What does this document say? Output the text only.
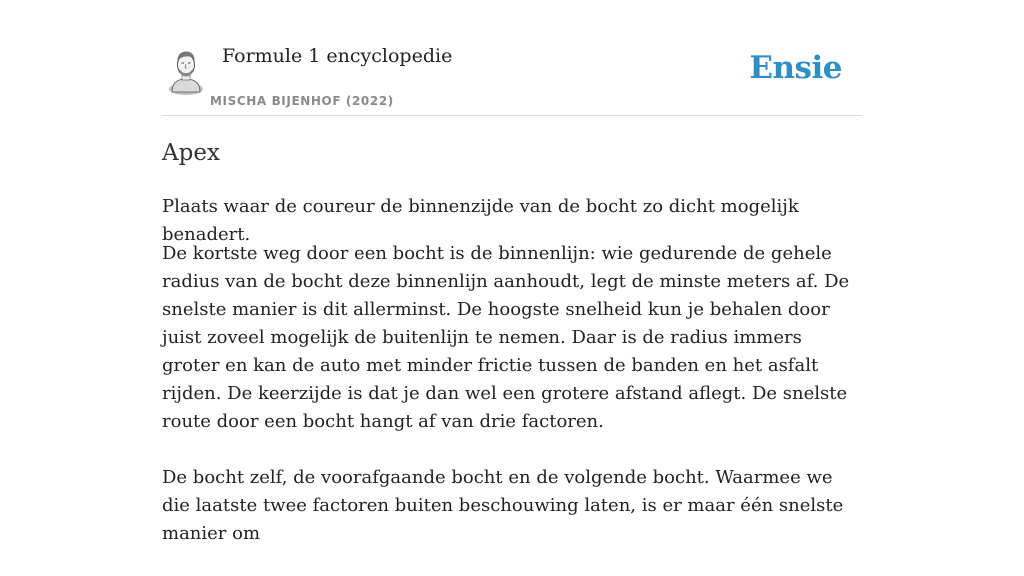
Formule 1 encyclopedie
MISCHA BIJENHOF (2022)
Ensie
Apex

Plaats waar de coureur de binnenzijde van de bocht zo dicht mogelijk benadert.

De kortste weg door een bocht is de binnenlijn: wie gedurende de gehele radius van de bocht deze binnenlijn aanhoudt, legt de minste meters af. De snelste manier is dit allerminst. De hoogste snelheid kun je behalen door juist zoveel mogelijk de buitenlijn te nemen. Daar is de radius immers groter en kan de auto met minder frictie tussen de banden en het asfalt rijden. De keerzijde is dat je dan wel een grotere afstand aflegt. De snelste route door een bocht hangt af van drie factoren.

De bocht zelf, de voorafgaande bocht en de volgende bocht. Waarmee we die laatste twee factoren buiten beschouwing laten, is er maar één snelste manier om
